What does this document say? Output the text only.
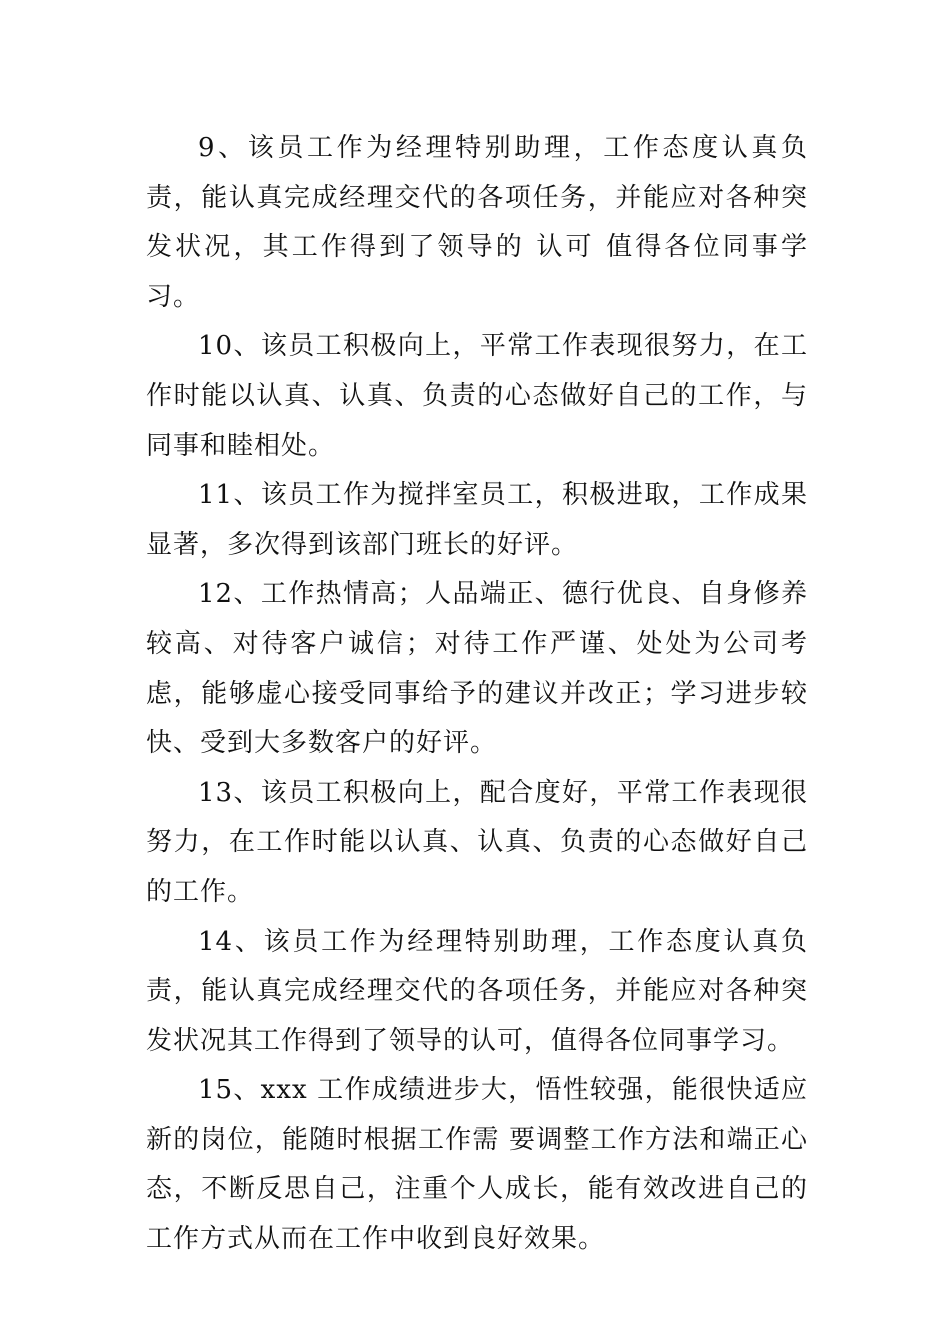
9、该员工作为经理特别助理，工作态度认真负责，能认真完成经理交代的各项任务，并能应对各种突发状况，其工作得到了领导的 认可 值得各位同事学习。

10、该员工积极向上，平常工作表现很努力，在工作时能以认真、认真、负责的心态做好自己的工作，与同事和睦相处。

11、该员工作为搅拌室员工，积极进取，工作成果显著，多次得到该部门班长的好评。

12、工作热情高；人品端正、德行优良、自身修养较高、对待客户诚信；对待工作严谨、处处为公司考虑，能够虚心接受同事给予的建议并改正；学习进步较快、受到大多数客户的好评。

13、该员工积极向上，配合度好，平常工作表现很努力，在工作时能以认真、认真、负责的心态做好自己的工作。

14、该员工作为经理特别助理，工作态度认真负责，能认真完成经理交代的各项任务，并能应对各种突发状况其工作得到了领导的认可，值得各位同事学习。

15、xxx 工作成绩进步大，悟性较强，能很快适应新的岗位，能随时根据工作需 要调整工作方法和端正心态，不断反思自己，注重个人成长，能有效改进自己的工作方式从而在工作中收到良好效果。
